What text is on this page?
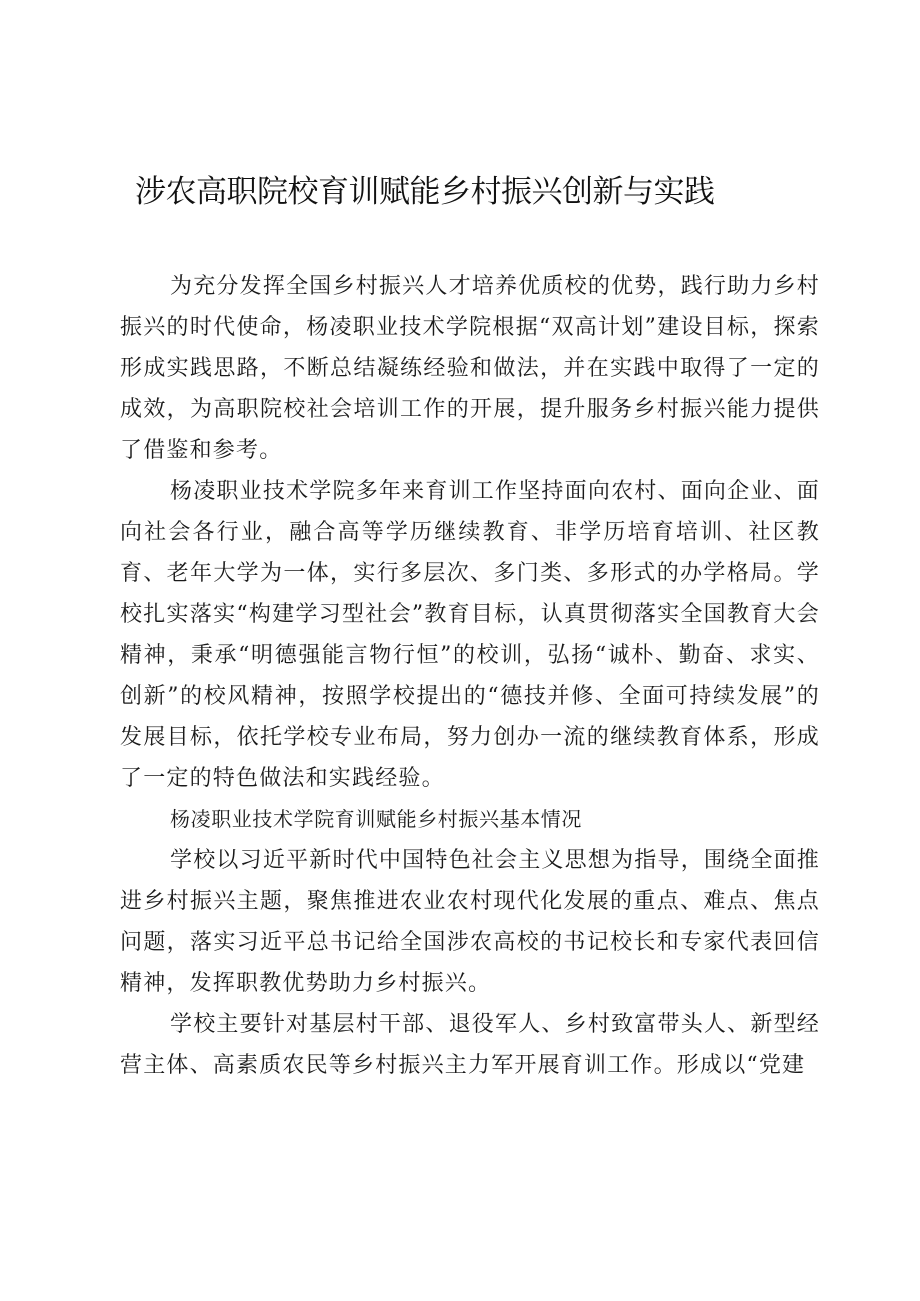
涉农高职院校育训赋能乡村振兴创新与实践

为充分发挥全国乡村振兴人才培养优质校的优势，践行助力乡村振兴的时代使命，杨凌职业技术学院根据“双高计划”建设目标，探索形成实践思路，不断总结凝练经验和做法，并在实践中取得了一定的成效，为高职院校社会培训工作的开展，提升服务乡村振兴能力提供了借鉴和参考。

杨凌职业技术学院多年来育训工作坚持面向农村、面向企业、面向社会各行业，融合高等学历继续教育、非学历培育培训、社区教育、老年大学为一体，实行多层次、多门类、多形式的办学格局。学校扎实落实“构建学习型社会”教育目标，认真贯彻落实全国教育大会精神，秉承“明德强能言物行恒”的校训，弘扬“诚朴、勤奋、求实、创新”的校风精神，按照学校提出的“德技并修、全面可持续发展”的发展目标，依托学校专业布局，努力创办一流的继续教育体系，形成了一定的特色做法和实践经验。

杨凌职业技术学院育训赋能乡村振兴基本情况

学校以习近平新时代中国特色社会主义思想为指导，围绕全面推进乡村振兴主题，聚焦推进农业农村现代化发展的重点、难点、焦点问题，落实习近平总书记给全国涉农高校的书记校长和专家代表回信精神，发挥职教优势助力乡村振兴。

学校主要针对基层村干部、退役军人、乡村致富带头人、新型经营主体、高素质农民等乡村振兴主力军开展育训工作。形成以“党建
